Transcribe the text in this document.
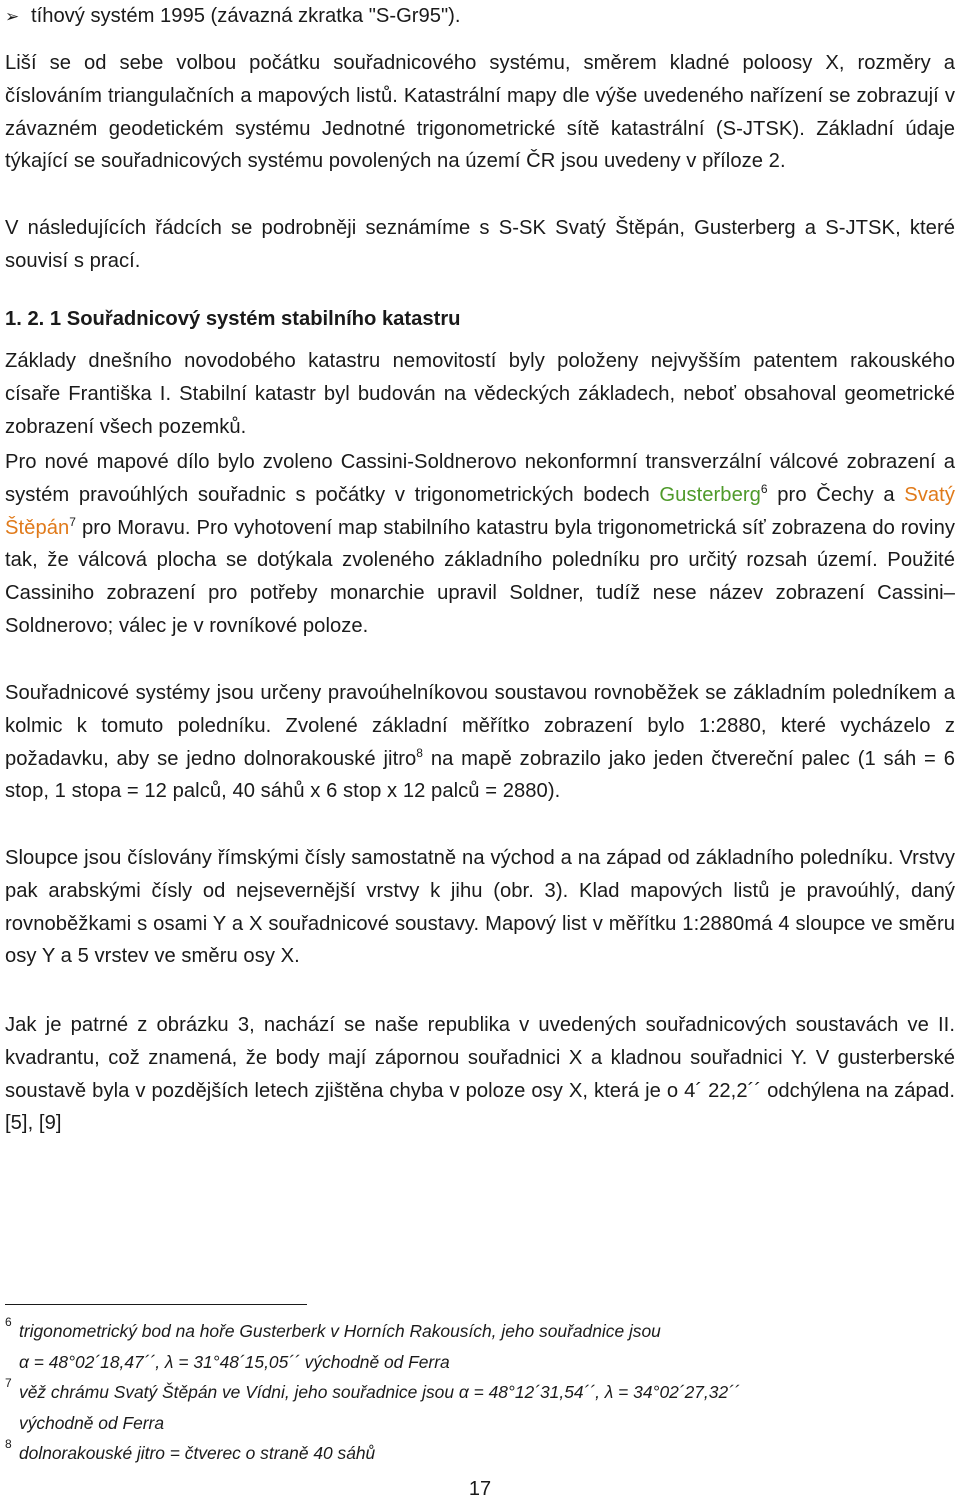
➢ tíhový systém 1995 (závazná zkratka "S-Gr95").

Liší se od sebe volbou počátku souřadnicového systému, směrem kladné poloosy X, rozměry a číslováním triangulačních a mapových listů. Katastrální mapy dle výše uvedeného nařízení se zobrazují v závazném geodetickém systému Jednotné trigonometrické sítě katastrální (S-JTSK). Základní údaje týkající se souřadnicových systému povolených na území ČR jsou uvedeny v příloze 2.

V následujících řádcích se podrobněji seznámíme s S-SK Svatý Štěpán, Gusterberg a S-JTSK, které souvisí s prací.

1. 2. 1 Souřadnicový systém stabilního katastru

Základy dnešního novodobého katastru nemovitostí byly položeny nejvyšším patentem rakouského císaře Františka I. Stabilní katastr byl budován na vědeckých základech, neboť obsahoval geometrické zobrazení všech pozemků.

Pro nové mapové dílo bylo zvoleno Cassini-Soldnerovo nekonformní transverzální válcové zobrazení a systém pravoúhlých souřadnic s počátky v trigonometrických bodech Gusterberg$^6$ pro Čechy a Svatý Štěpán$^7$ pro Moravu. Pro vyhotovení map stabilního katastru byla trigonometrická síť zobrazena do roviny tak, že válcová plocha se dotýkala zvoleného základního poledníku pro určitý rozsah území. Použité Cassiniho zobrazení pro potřeby monarchie upravil Soldner, tudíž nese název zobrazení Cassini–Soldnerovo; válec je v rovníkové poloze.

Souřadnicové systémy jsou určeny pravoúhelníkovou soustavou rovnoběžek se základním poledníkem a kolmic k tomuto poledníku. Zvolené základní měřítko zobrazení bylo 1:2880, které vycházelo z požadavku, aby se jedno dolnorakouské jitro$^8$ na mapě zobrazilo jako jeden čtvereční palec (1 sáh = 6 stop, 1 stopa = 12 palců, 40 sáhů x 6 stop x 12 palců = 2880).

Sloupce jsou číslovány římskými čísly samostatně na východ a na západ od základního poledníku. Vrstvy pak arabskými čísly od nejsevernější vrstvy k jihu (obr. 3). Klad mapových listů je pravoúhlý, daný rovnoběžkami s osami Y a X souřadnicové soustavy. Mapový list v měřítku 1:2880má 4 sloupce ve směru osy Y a 5 vrstev ve směru osy X.

Jak je patrné z obrázku 3, nachází se naše republika v uvedených souřadnicových soustavách ve II. kvadrantu, což znamená, že body mají zápornou souřadnici X a kladnou souřadnici Y. V gusterberské soustavě byla v pozdějších letech zjištěna chyba v poloze osy X, která je o 4´ 22,2´´ odchýlena na západ. [5], [9]

6 trigonometrický bod na hoře Gusterberk v Horních Rakousích, jeho souřadnice jsou
α = 48°02´18,47´´, λ = 31°48´15,05´´ východně od Ferra

7 věž chrámu Svatý Štěpán ve Vídni, jeho souřadnice jsou α = 48°12´31,54´´, λ = 34°02´27,32´´
východně od Ferra

8 dolnorakouské jitro = čtverec o straně 40 sáhů

17
